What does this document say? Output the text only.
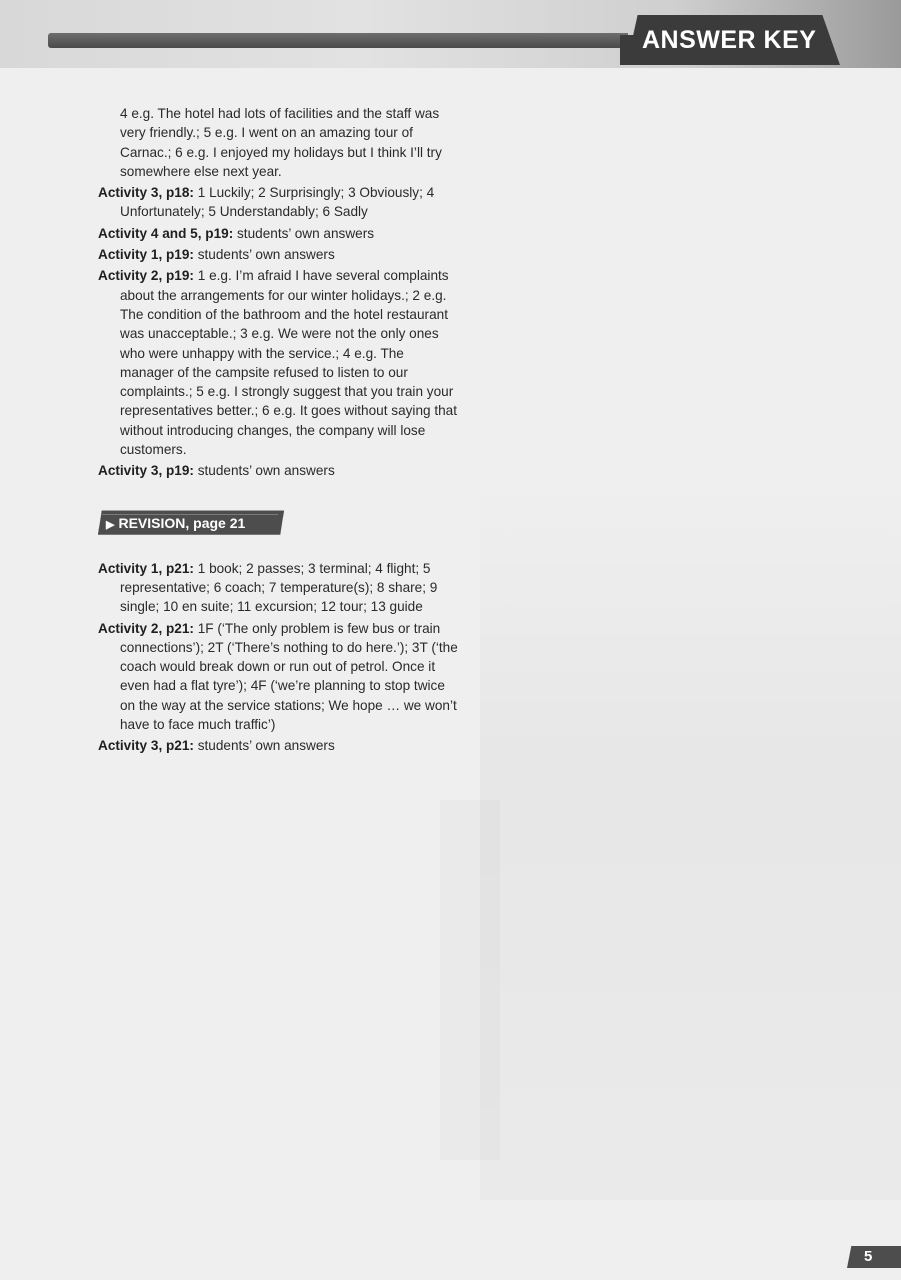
ANSWER KEY

4 e.g. The hotel had lots of facilities and the staff was very friendly.; 5 e.g. I went on an amazing tour of Carnac.; 6 e.g. I enjoyed my holidays but I think I’ll try somewhere else next year.

Activity 3, p18: 1 Luckily; 2 Surprisingly; 3 Obviously; 4 Unfortunately; 5 Understandably; 6 Sadly

Activity 4 and 5, p19: students’ own answers

Activity 1, p19: students’ own answers

Activity 2, p19: 1 e.g. I’m afraid I have several complaints about the arrangements for our winter holidays.; 2 e.g. The condition of the bathroom and the hotel restaurant was unacceptable.; 3 e.g. We were not the only ones who were unhappy with the service.; 4 e.g. The manager of the campsite refused to listen to our complaints.; 5 e.g. I strongly suggest that you train your representatives better.; 6 e.g. It goes without saying that without introducing changes, the company will lose customers.

Activity 3, p19: students’ own answers

▶ REVISION, page 21

Activity 1, p21: 1 book; 2 passes; 3 terminal; 4 flight; 5 representative; 6 coach; 7 temperature(s); 8 share; 9 single; 10 en suite; 11 excursion; 12 tour; 13 guide

Activity 2, p21: 1F (‘The only problem is few bus or train connections’); 2T (‘There’s nothing to do here.’); 3T (‘the coach would break down or run out of petrol. Once it even had a flat tyre’); 4F (‘we’re planning to stop twice on the way at the service stations; We hope … we won’t have to face much traffic’)

Activity 3, p21: students’ own answers

5
